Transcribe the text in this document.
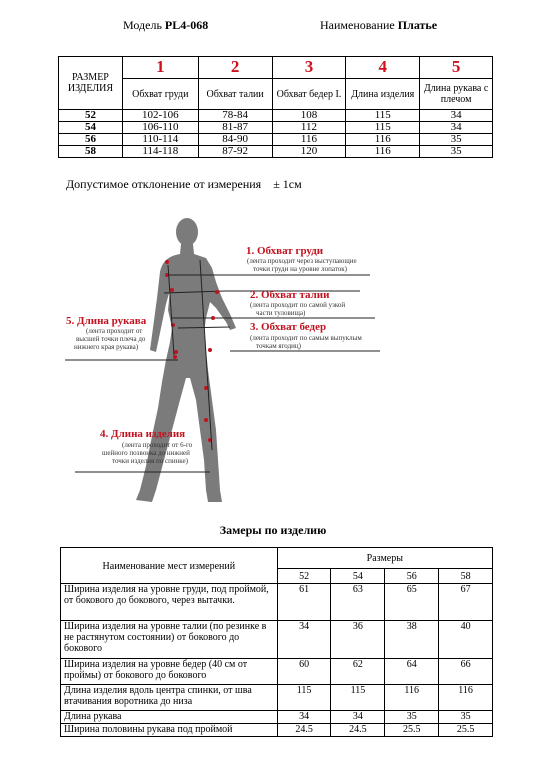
Модель PL4-068	Наименование Платье
РАЗМЕР ИЗДЕЛИЯ	1	2	3	4	5
	Обхват груди	Обхват талии	Обхват бедер I.	Длина изделия	Длина рукава с плечом
52	102-106	78-84	108	115	34
54	106-110	81-87	112	115	34
56	110-114	84-90	116	116	35
58	114-118	87-92	120	116	35
Допустимое отклонение от измерения ± 1см
1. Обхват груди
(лента проходит через выступающие
точки груди на уровне лопаток)
2. Обхват талии
(лента проходит по самой узкой
части туловища)
3. Обхват бедер
(лента проходит по самым выпуклым
точкам ягодиц)
5. Длина рукава
(лента проходит от
высшей точки плеча до
нижнего края рукава)
4. Длина изделия
(лента проходит от 6-го
шейного позвонка до нижней
точки изделия по спинке)
Замеры по изделию
Наименование мест измерений	Размеры			
	52	54	56	58
Ширина изделия на уровне груди, под проймой, от бокового до бокового, через вытачки.	61	63	65	67
Ширина изделия на уровне талии (по резинке в не растянутом состоянии) от бокового до бокового	34	36	38	40
Ширина изделия на уровне бедер (40 см от проймы) от бокового до бокового	60	62	64	66
Длина изделия вдоль центра спинки, от шва втачивания воротника до низа	115	115	116	116
Длина рукава	34	34	35	35
Ширина половины рукава под проймой	24.5	24.5	25.5	25.5
